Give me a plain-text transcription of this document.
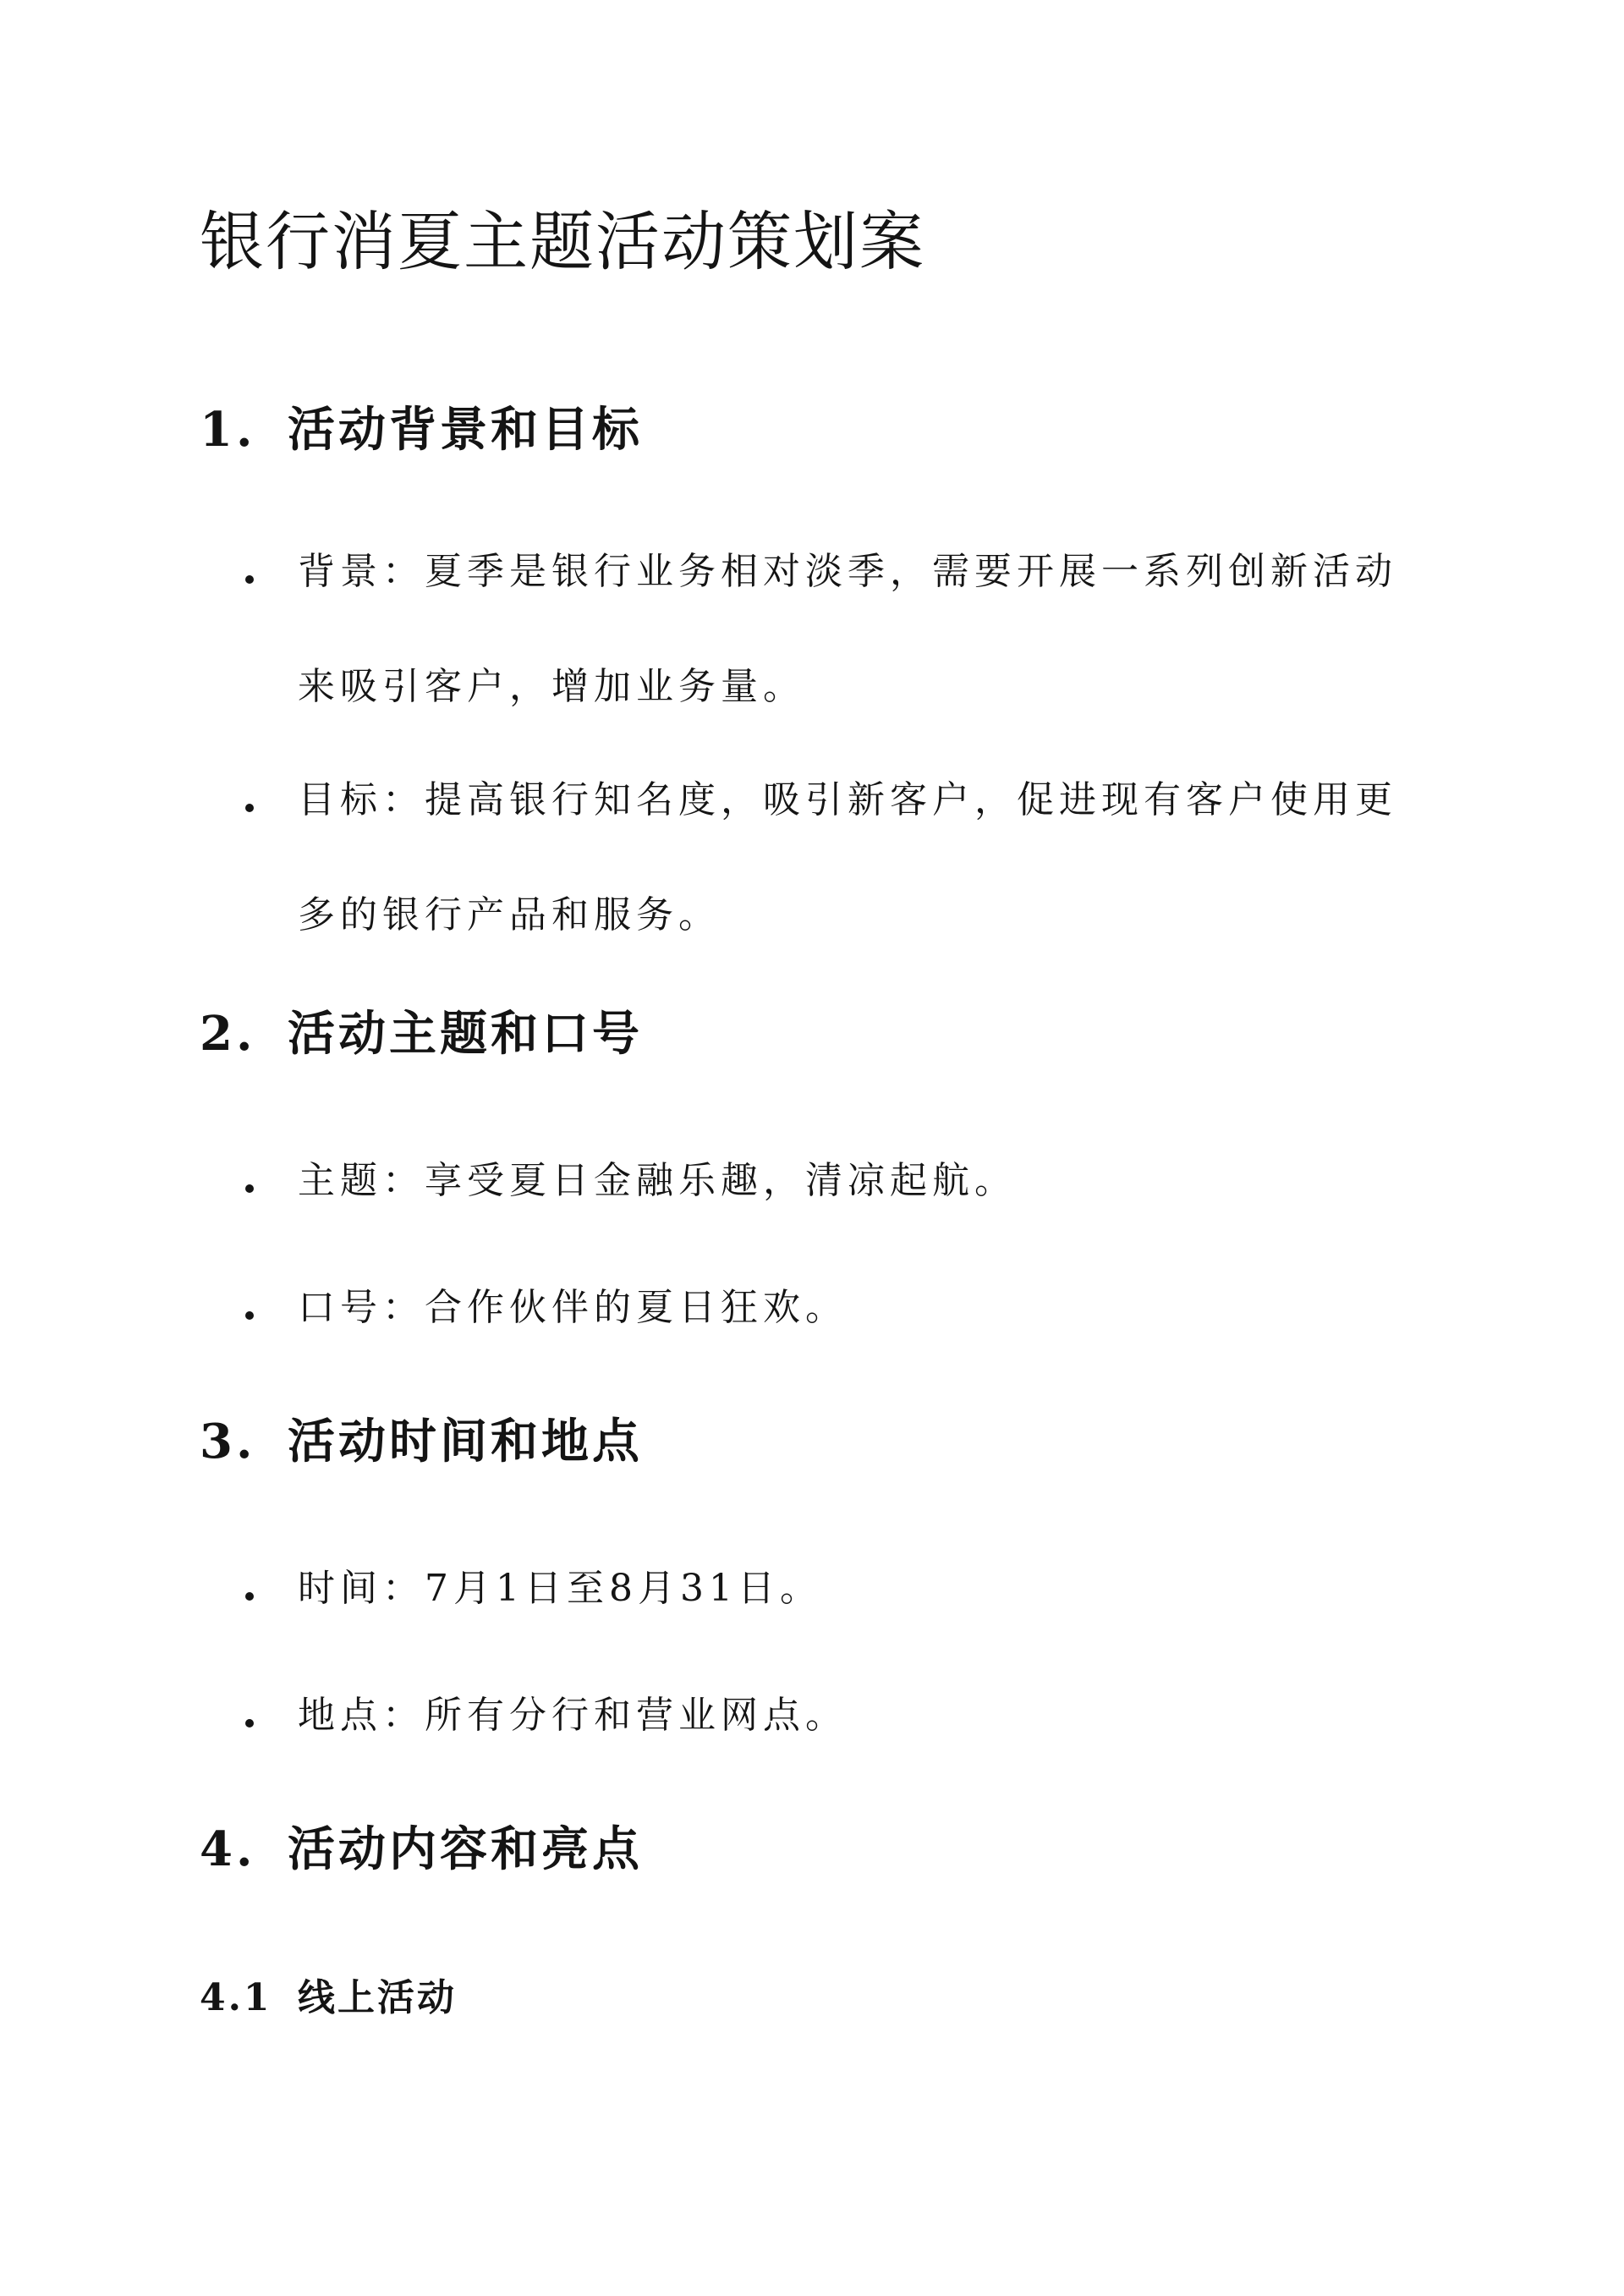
银行消夏主题活动策划案
1. 活动背景和目标
背景：夏季是银行业务相对淡季，需要开展一系列创新活动来吸引客户，增加业务量。
目标：提高银行知名度，吸引新客户，促进现有客户使用更多的银行产品和服务。
2. 活动主题和口号
主题：享受夏日金融乐趣，清凉起航。
口号：合作伙伴的夏日狂欢。
3. 活动时间和地点
时间：7月1日至8月31日。
地点：所有分行和营业网点。
4. 活动内容和亮点
4.1 线上活动
